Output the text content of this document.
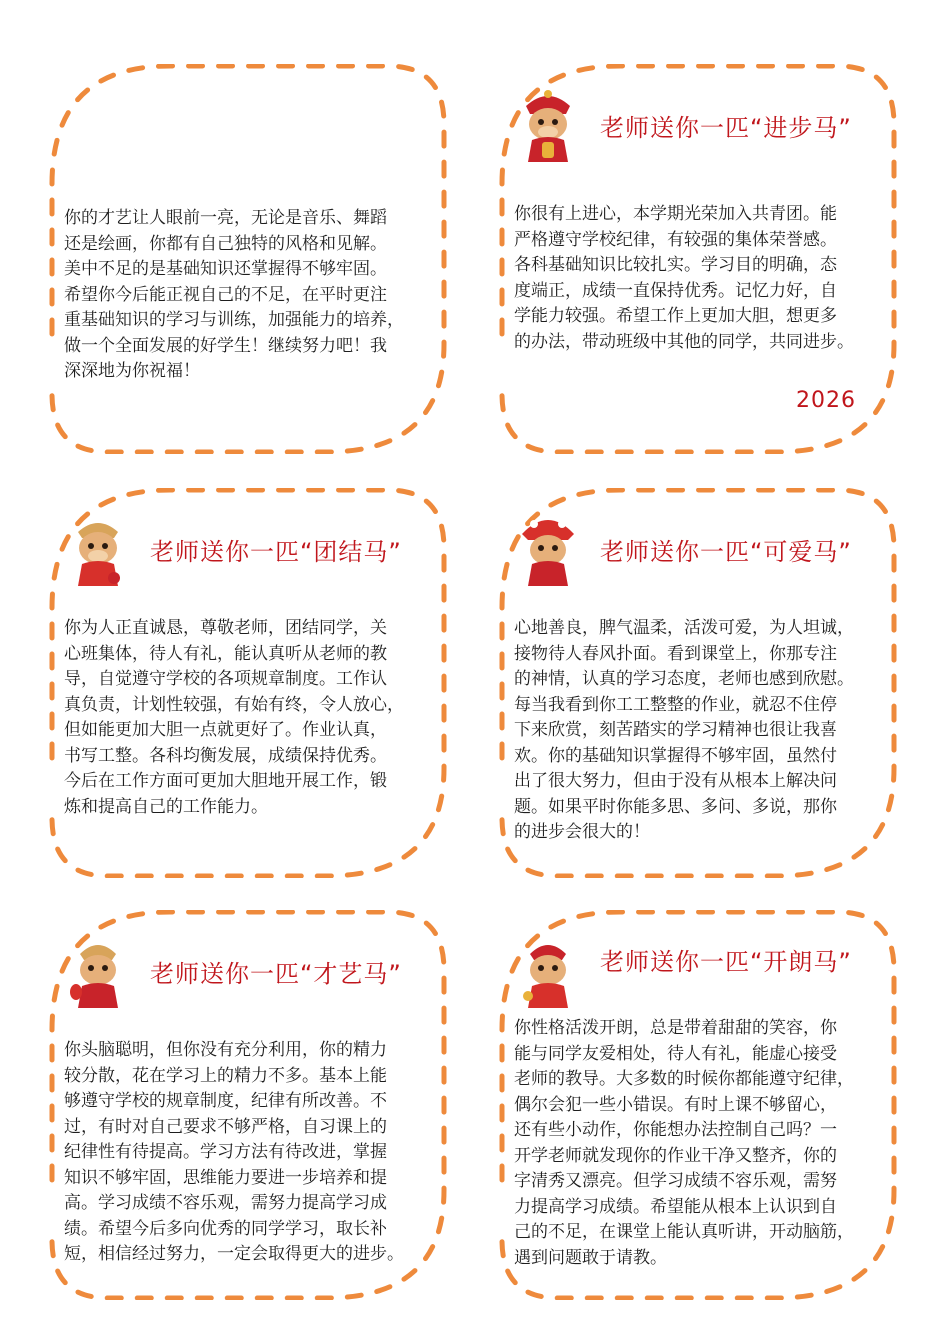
你的才艺让人眼前一亮，无论是音乐、舞蹈
还是绘画，你都有自己独特的风格和见解。
美中不足的是基础知识还掌握得不够牢固。
希望你今后能正视自己的不足，在平时更注
重基础知识的学习与训练，加强能力的培养，
做一个全面发展的好学生！继续努力吧！我
深深地为你祝福！
老师送你一匹“进步马”
你很有上进心，本学期光荣加入共青团。能
严格遵守学校纪律，有较强的集体荣誉感。
各科基础知识比较扎实。学习目的明确，态
度端正，成绩一直保持优秀。记忆力好，自
学能力较强。希望工作上更加大胆，想更多
的办法，带动班级中其他的同学，共同进步。
2026
老师送你一匹“团结马”
你为人正直诚恳，尊敬老师，团结同学，关
心班集体，待人有礼，能认真听从老师的教
导，自觉遵守学校的各项规章制度。工作认
真负责，计划性较强，有始有终，令人放心，
但如能更加大胆一点就更好了。作业认真，
书写工整。各科均衡发展，成绩保持优秀。
今后在工作方面可更加大胆地开展工作，锻
炼和提高自己的工作能力。
老师送你一匹“可爱马”
心地善良，脾气温柔，活泼可爱，为人坦诚，
接物待人春风扑面。看到课堂上，你那专注
的神情，认真的学习态度，老师也感到欣慰。
每当我看到你工工整整的作业，就忍不住停
下来欣赏，刻苦踏实的学习精神也很让我喜
欢。你的基础知识掌握得不够牢固，虽然付
出了很大努力，但由于没有从根本上解决问
题。如果平时你能多思、多问、多说，那你
的进步会很大的！
老师送你一匹“才艺马”
你头脑聪明，但你没有充分利用，你的精力
较分散，花在学习上的精力不多。基本上能
够遵守学校的规章制度，纪律有所改善。不
过，有时对自己要求不够严格，自习课上的
纪律性有待提高。学习方法有待改进，掌握
知识不够牢固，思维能力要进一步培养和提
高。学习成绩不容乐观，需努力提高学习成
绩。希望今后多向优秀的同学学习，取长补
短，相信经过努力，一定会取得更大的进步。
老师送你一匹“开朗马”
你性格活泼开朗，总是带着甜甜的笑容，你
能与同学友爱相处，待人有礼，能虚心接受
老师的教导。大多数的时候你都能遵守纪律，
偶尔会犯一些小错误。有时上课不够留心，
还有些小动作，你能想办法控制自己吗？一
开学老师就发现你的作业干净又整齐，你的
字清秀又漂亮。但学习成绩不容乐观，需努
力提高学习成绩。希望能从根本上认识到自
己的不足，在课堂上能认真听讲，开动脑筋，
遇到问题敢于请教。
